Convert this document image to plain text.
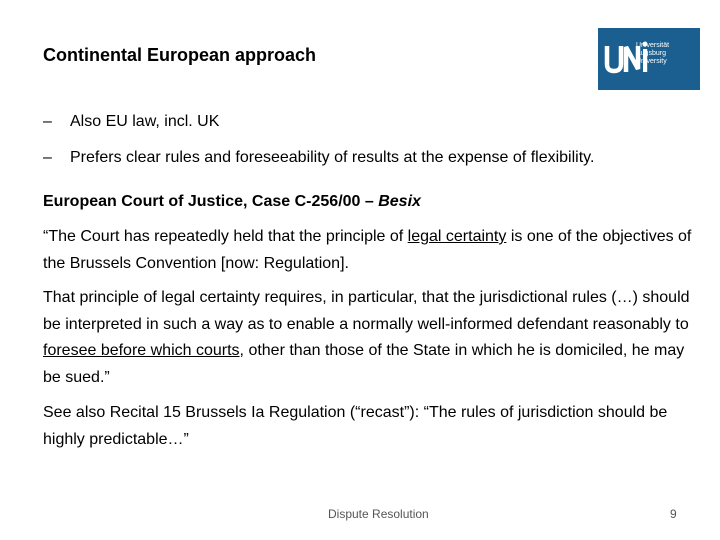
Continental European approach	Universität
Augsburg
University
– Also EU law, incl. UK
– Prefers clear rules and foreseeability of results at the expense of flexibility.
European Court of Justice, Case C-256/00 – Besix
“The Court has repeatedly held that the principle of legal certainty is one of the objectives of the Brussels Convention [now: Regulation].
That principle of legal certainty requires, in particular, that the jurisdictional rules (…) should be interpreted in such a way as to enable a normally well-informed defendant reasonably to foresee before which courts, other than those of the State in which he is domiciled, he may be sued.”
See also Recital 15 Brussels Ia Regulation (“recast”): “The rules of jurisdiction should be highly predictable…”
Dispute Resolution	9
